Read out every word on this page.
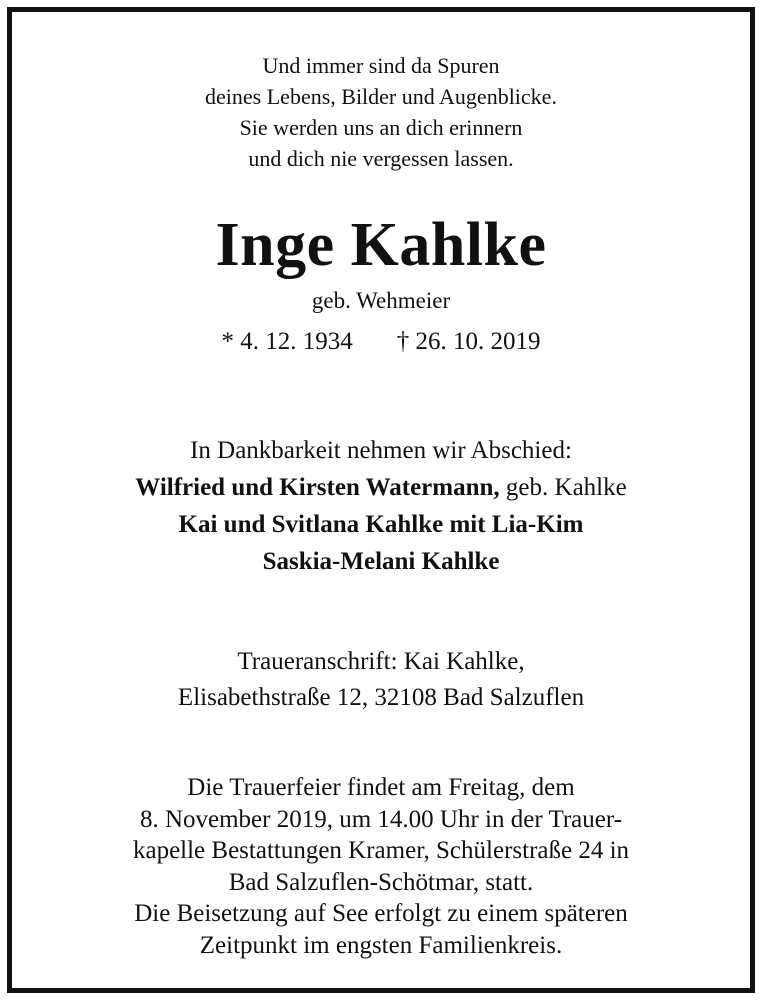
Und immer sind da Spuren
deines Lebens, Bilder und Augenblicke.
Sie werden uns an dich erinnern
und dich nie vergessen lassen.
Inge Kahlke
geb. Wehmeier
* 4. 12. 1934 † 26. 10. 2019
In Dankbarkeit nehmen wir Abschied:
Wilfried und Kirsten Watermann, geb. Kahlke
Kai und Svitlana Kahlke mit Lia-Kim
Saskia-Melani Kahlke
Traueranschrift: Kai Kahlke,
Elisabethstraße 12, 32108 Bad Salzuflen
Die Trauerfeier findet am Freitag, dem
8. November 2019, um 14.00 Uhr in der Trauer-
kapelle Bestattungen Kramer, Schülerstraße 24 in
Bad Salzuflen-Schötmar, statt.
Die Beisetzung auf See erfolgt zu einem späteren
Zeitpunkt im engsten Familienkreis.
